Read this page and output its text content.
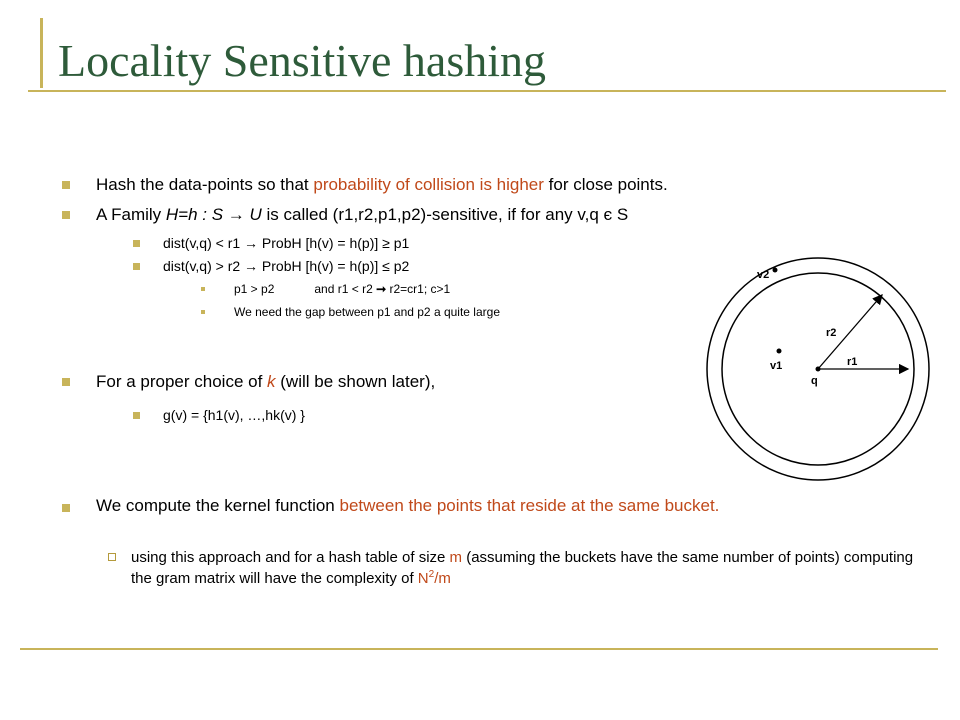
Locality Sensitive hashing
Hash the data-points so that probability of collision is higher for close points.
A Family H=h : S → U is called (r1,r2,p1,p2)-sensitive, if for any v,q є S
dist(v,q) < r1 → ProbH [h(v) = h(p)] ≥ p1
dist(v,q) > r2 → ProbH [h(v) = h(p)] ≤ p2
p1 > p2	and r1 < r2 ➞ r2=cr1; c>1
We need the gap between p1 and p2 a quite large
For a proper choice of k (will be shown later),
g(v) = {h1(v), …,hk(v) }
We compute the kernel function between the points that reside at the same bucket.
using this approach and for a hash table of size m (assuming the buckets have the same number of points) computing the gram matrix will have the complexity of $N^2/m$
v2
r2
v1	r1
q
